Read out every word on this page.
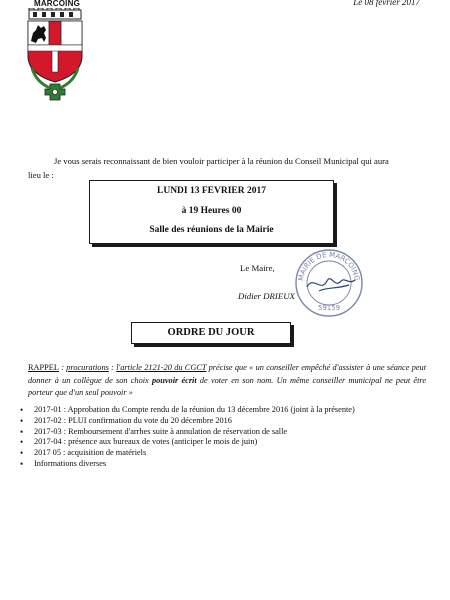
Le 08 février 2017
MARCOING
Je vous serais reconnaissant de bien vouloir participer à la réunion du Conseil Municipal qui aura
lieu le :
LUNDI 13 FEVRIER 2017
à 19 Heures 00
Salle des réunions de la Mairie
Le Maire,
Didier DRIEUX
MAIRIE DE MARCOING
59159
ORDRE DU JOUR
RAPPEL : procurations : l'article 2121-20 du CGCT précise que « un conseiller empêché d'assister à une séance peut donner à un collègue de son choix pouvoir écrit de voter en son nom. Un même conseiller municipal ne peut être porteur que d'un seul pouvoir »
• 2017-01 : Approbation du Compte rendu de la réunion du 13 décembre 2016 (joint à la présente)
• 2017-02 : PLUI confirmation du vote du 20 décembre 2016
• 2017-03 : Remboursement d'arrhes suite à annulation de réservation de salle
• 2017-04 : présence aux bureaux de votes (anticiper le mois de juin)
• 2017 05 : acquisition de matériels
• Informations diverses
